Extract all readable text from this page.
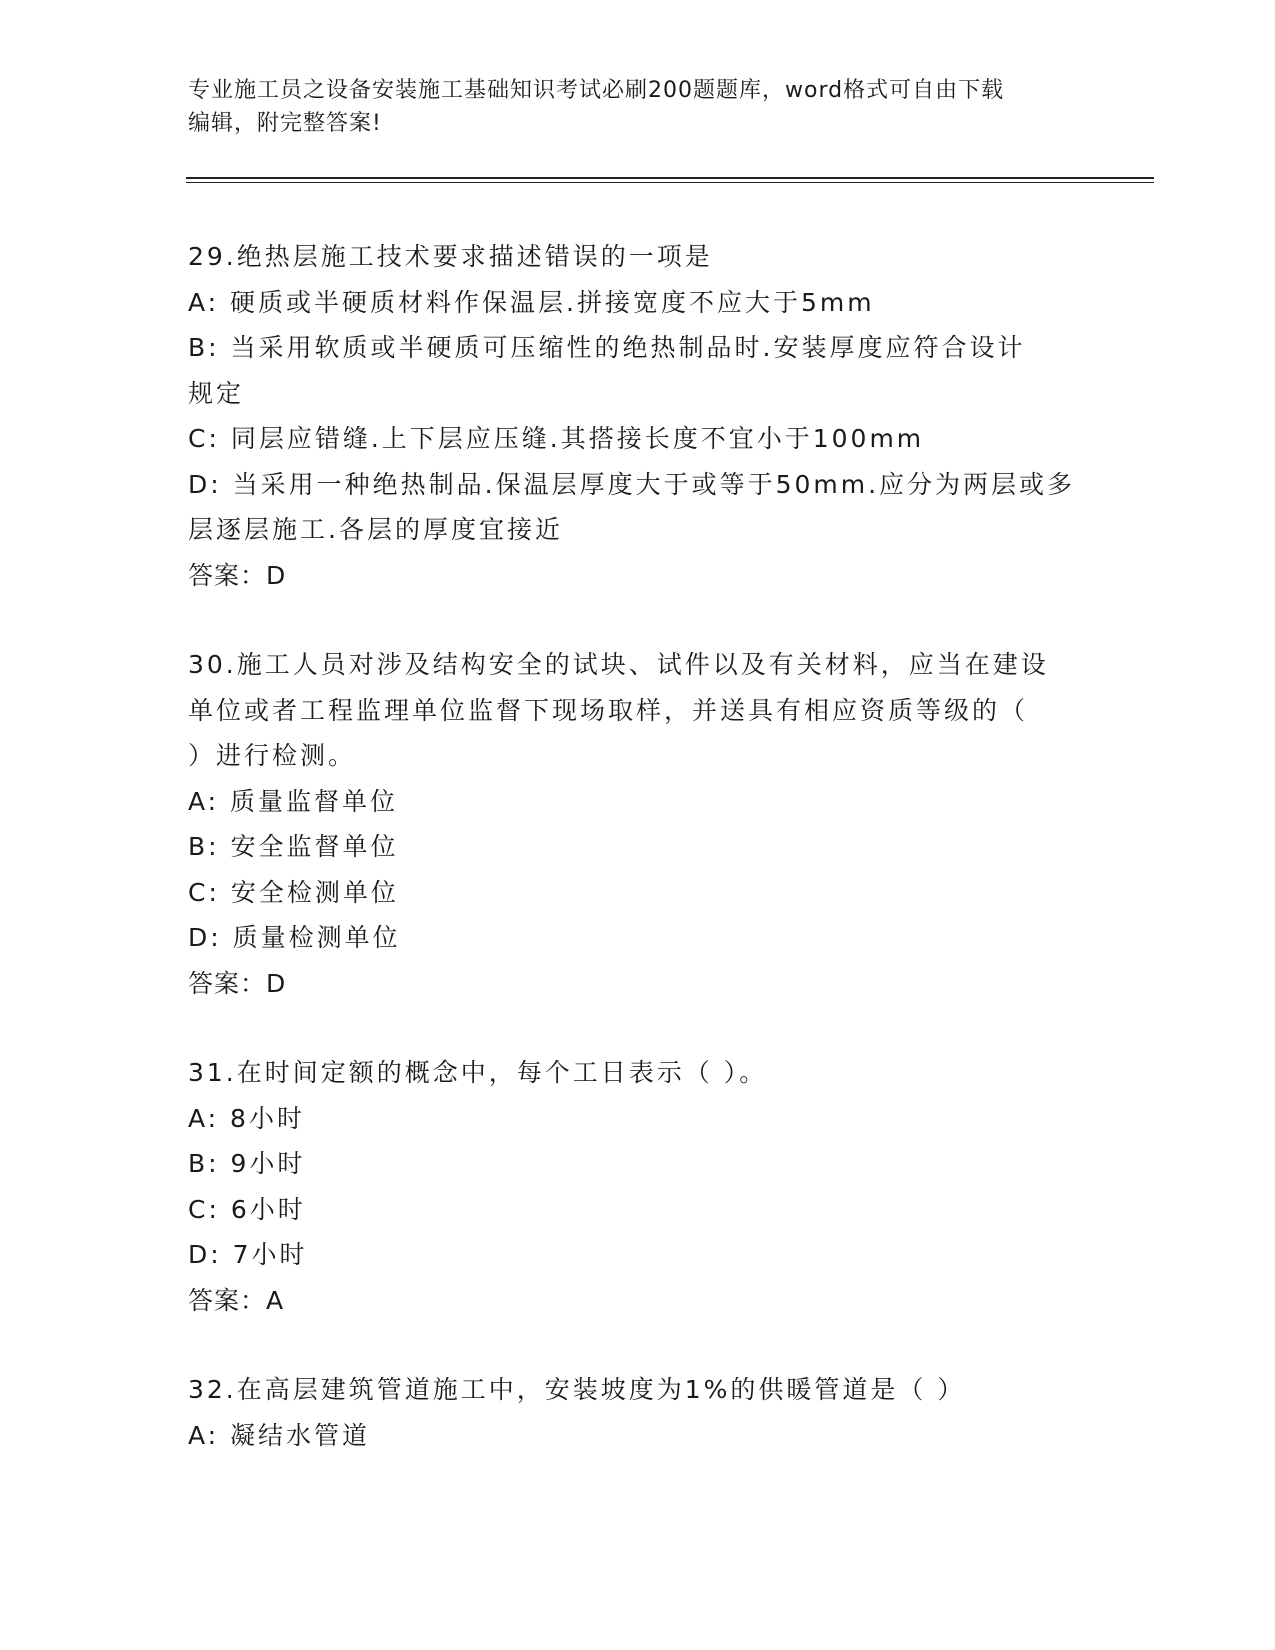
专业施工员之设备安装施工基础知识考试必刷200题题库，word格式可自由下载
编辑，附完整答案!
29.绝热层施工技术要求描述错误的一项是
A: 硬质或半硬质材料作保温层.拼接宽度不应大于5mm
B: 当采用软质或半硬质可压缩性的绝热制品时.安装厚度应符合设计
规定
C: 同层应错缝.上下层应压缝.其搭接长度不宜小于100mm
D: 当采用一种绝热制品.保温层厚度大于或等于50mm.应分为两层或多
层逐层施工.各层的厚度宜接近
答案：D
30.施工人员对涉及结构安全的试块、试件以及有关材料，应当在建设
单位或者工程监理单位监督下现场取样，并送具有相应资质等级的（
）进行检测。
A: 质量监督单位
B: 安全监督单位
C: 安全检测单位
D: 质量检测单位
答案：D
31.在时间定额的概念中，每个工日表示（ ）。
A: 8小时
B: 9小时
C: 6小时
D: 7小时
答案：A
32.在高层建筑管道施工中，安装坡度为1%的供暖管道是（ ）
A: 凝结水管道
